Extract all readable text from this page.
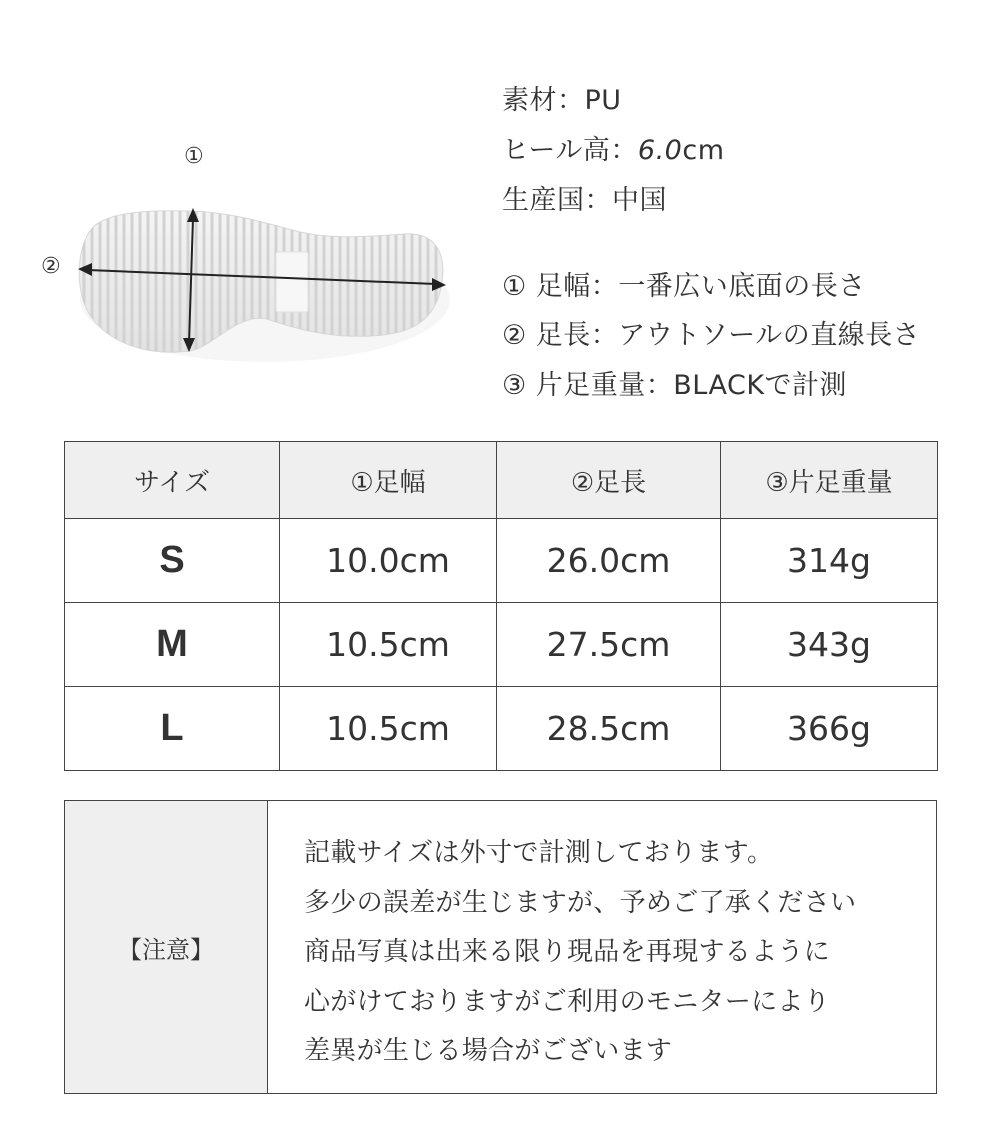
①
②
素材：PU
ヒール高：6.0cm
生産国：中国
① 足幅：一番広い底面の長さ
② 足長：アウトソールの直線長さ
③ 片足重量：BLACKで計測
サイズ	①足幅	②足長	③片足重量
S	10.0cm	26.0cm	314g
M	10.5cm	27.5cm	343g
L	10.5cm	28.5cm	366g
【注意】
記載サイズは外寸で計測しております。
多少の誤差が生じますが、予めご了承ください
商品写真は出来る限り現品を再現するように
心がけておりますがご利用のモニターにより
差異が生じる場合がございます
